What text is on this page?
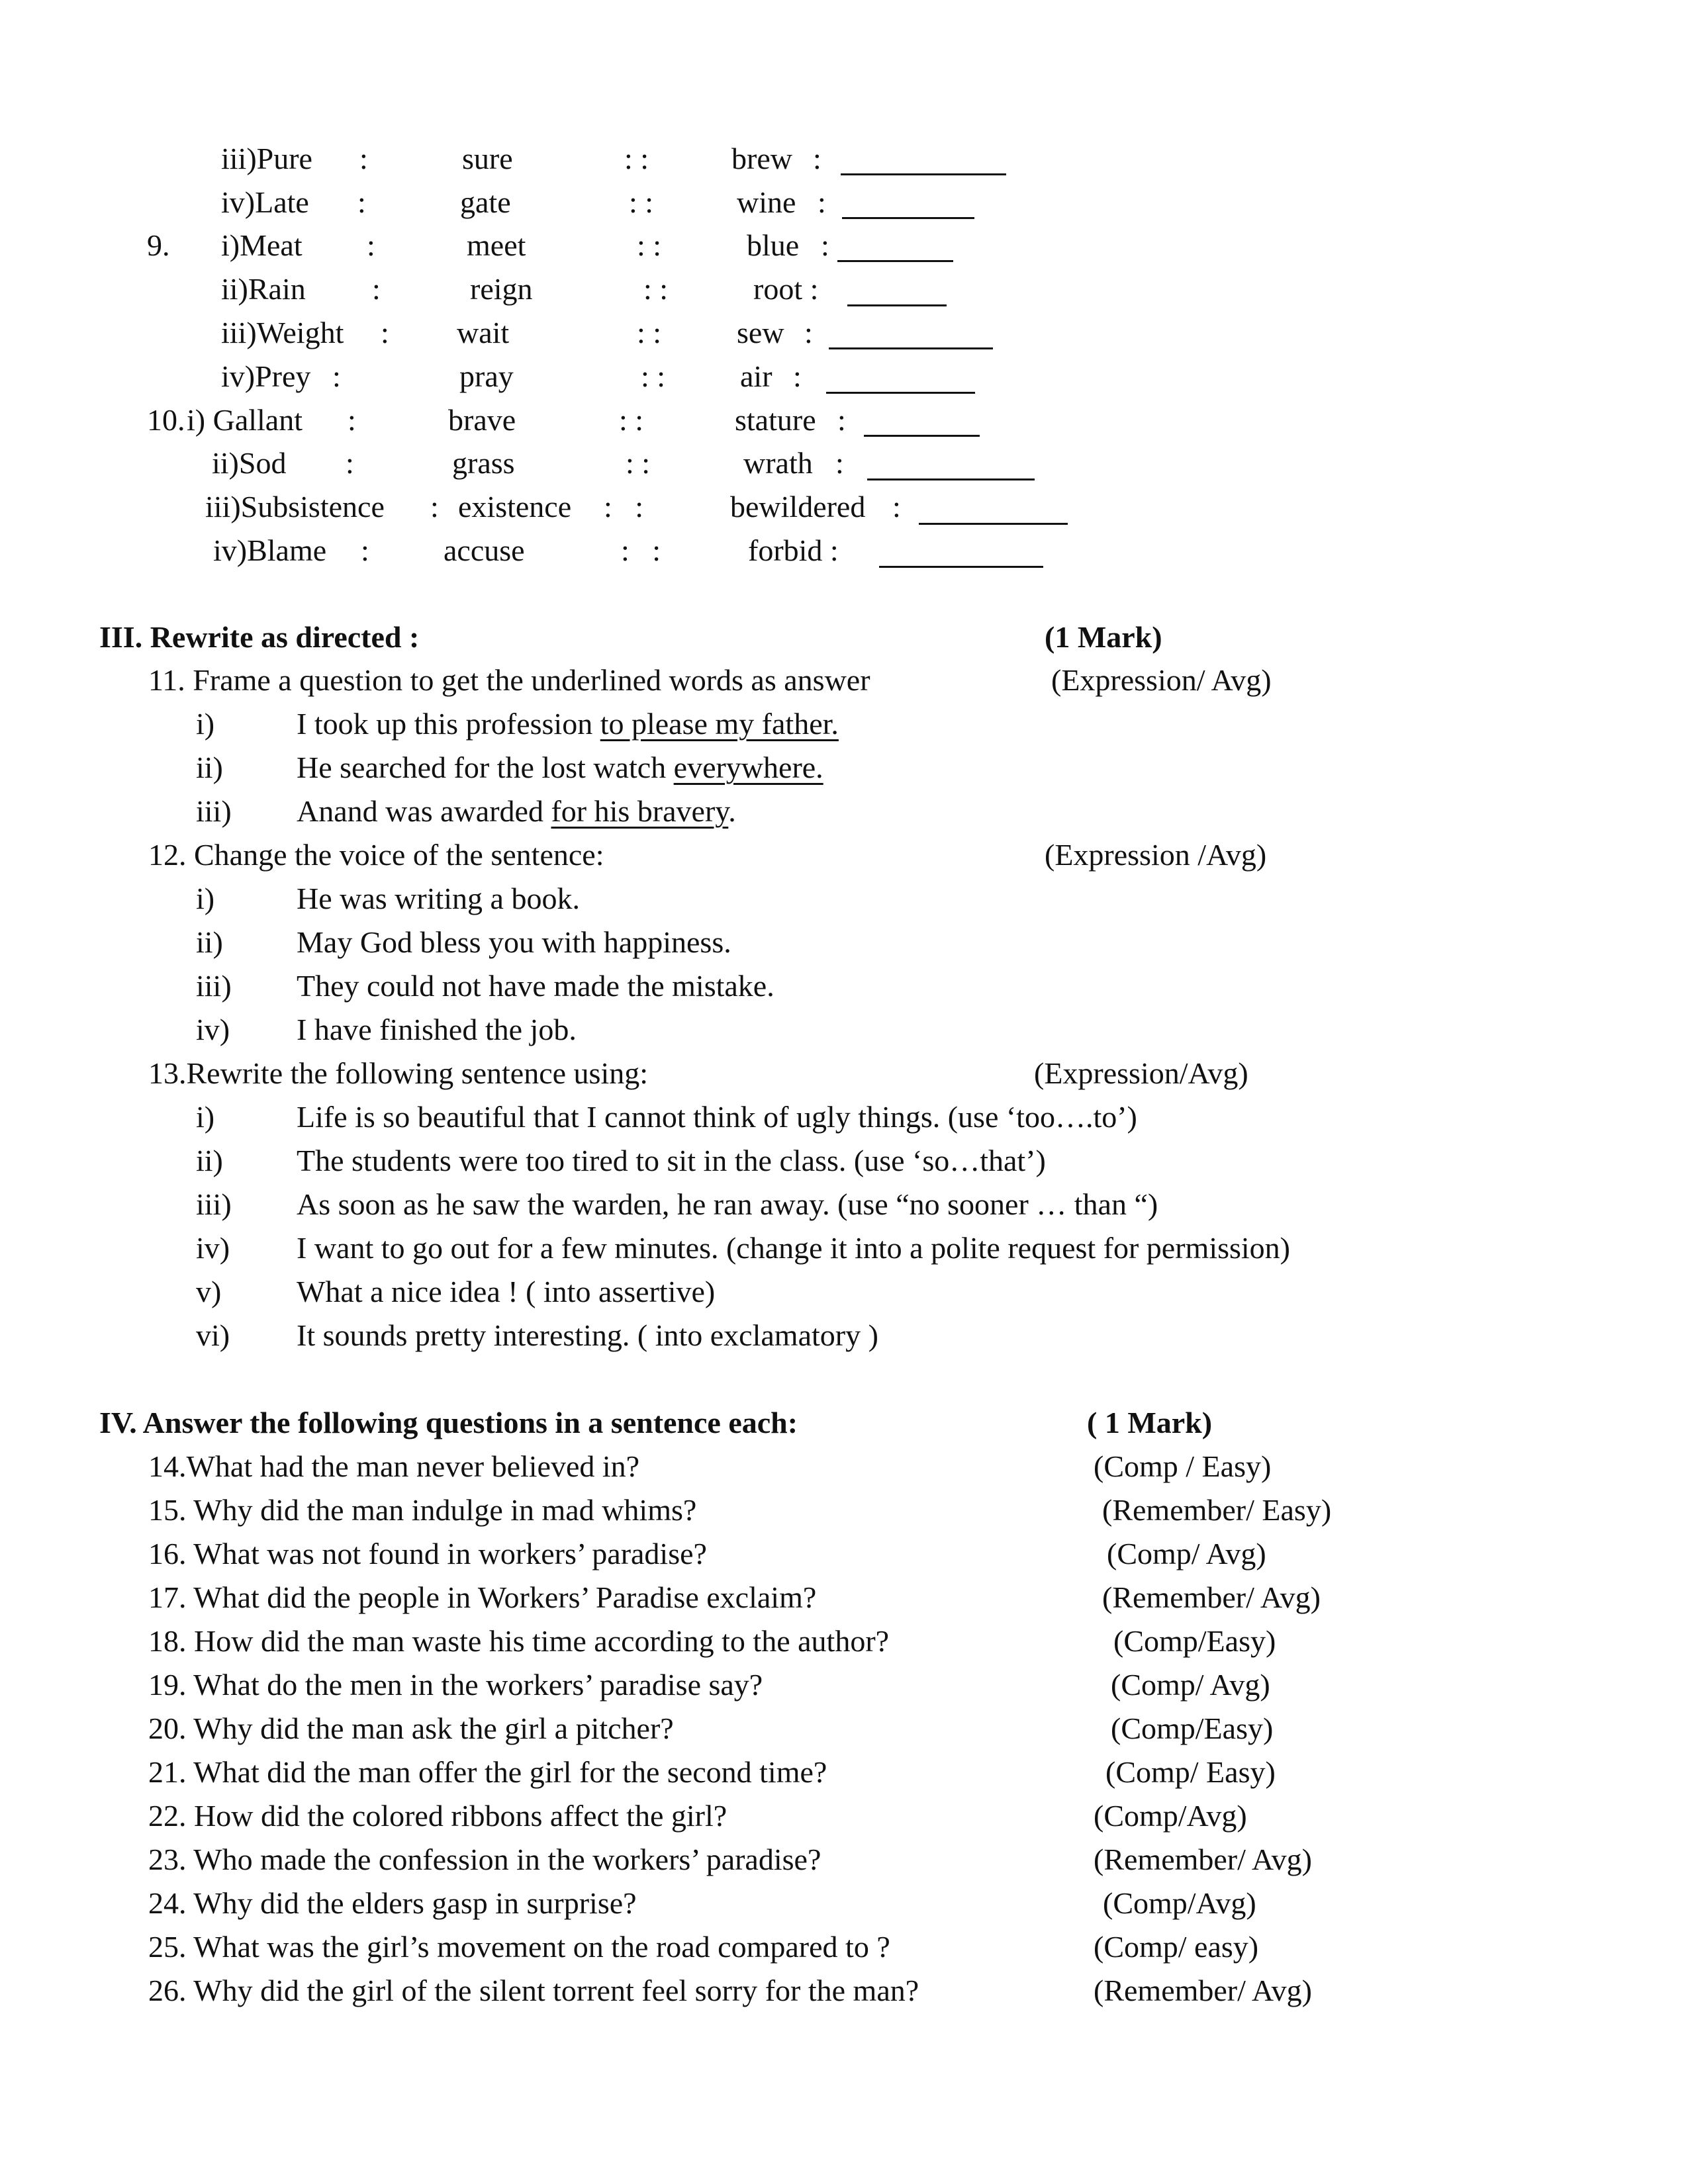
iii)Pure :	sure	: :	brew :
iv)Late :	gate	: :	wine :
9. i)Meat :	meet	: :	blue :
ii)Rain :	reign	: :	root :
iii)Weight : wait	: : sew :
iv)Prey :	pray	: : air :
10. i) Gallant :	brave	: :	stature :
ii)Sod :	grass	: :	wrath :
iii)Subsistence : existence :   :	bewildered :
iv)Blame : accuse	:   :	forbid :
III. Rewrite as directed :	(1 Mark)
11. Frame a question to get the underlined words as answer	(Expression/ Avg)
i)	I took up this profession to please my father.
ii) He searched for the lost watch everywhere.
iii) Anand was awarded for his bravery.
12. Change the voice of the sentence:	(Expression /Avg)
i)	He was writing a book.
ii) May God bless you with happiness.
iii) They could not have made the mistake.
iv) I have finished the job.
13.Rewrite the following sentence using:	(Expression/Avg)
i)	Life is so beautiful that I cannot think of ugly things. (use ‘too….to’)
ii) The students were too tired to sit in the class. (use ‘so…that’)
iii) As soon as he saw the warden, he ran away. (use “no sooner … than “)
iv) I want to go out for a few minutes. (change it into a polite request for permission)
v) What a nice idea ! ( into assertive)
vi) It sounds pretty interesting. ( into exclamatory )
IV. Answer the following questions in a sentence each:	( 1 Mark)
14.What had the man never believed in?	(Comp / Easy)
15. Why did the man indulge in mad whims?	(Remember/ Easy)
16. What was not found in workers’ paradise?	(Comp/ Avg)
17. What did the people in Workers’ Paradise exclaim?	(Remember/ Avg)
18. How did the man waste his time according to the author?	(Comp/Easy)
19. What do the men in the workers’ paradise say?	(Comp/ Avg)
20. Why did the man ask the girl a pitcher?	(Comp/Easy)
21. What did the man offer the girl for the second time?	(Comp/ Easy)
22. How did the colored ribbons affect the girl?	(Comp/Avg)
23. Who made the confession in the workers’ paradise?	(Remember/ Avg)
24. Why did the elders gasp in surprise?	(Comp/Avg)
25. What was the girl’s movement on the road compared to ?	(Comp/ easy)
26. Why did the girl of the silent torrent feel sorry for the man?	(Remember/ Avg)
